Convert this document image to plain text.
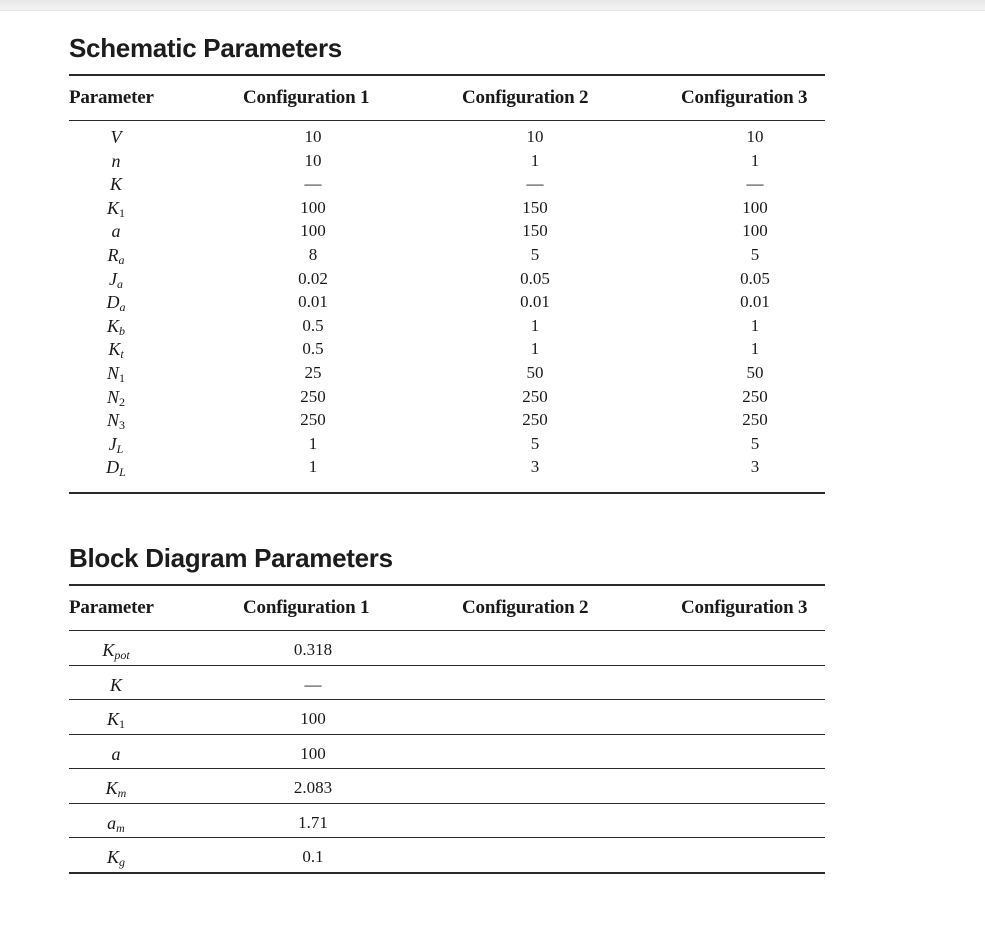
Schematic Parameters
Parameter	Configuration 1	Configuration 2	Configuration 3
V	10	10	10
n	10	1	1
K	—	—	—
$K_1$	100	150	100
a	100	150	100
$R_a$	8	5	5
$J_a$	0.02	0.05	0.05
$D_a$	0.01	0.01	0.01
$K_b$	0.5	1	1
$K_t$	0.5	1	1
$N_1$	25	50	50
$N_2$	250	250	250
$N_3$	250	250	250
$J_L$	1	5	5
$D_L$	1	3	3
Block Diagram Parameters
Parameter	Configuration 1	Configuration 2	Configuration 3
$K_{pot}$	0.318
K	—
$K_1$	100
a	100
$K_m$	2.083
$a_m$	1.71
$K_g$	0.1
